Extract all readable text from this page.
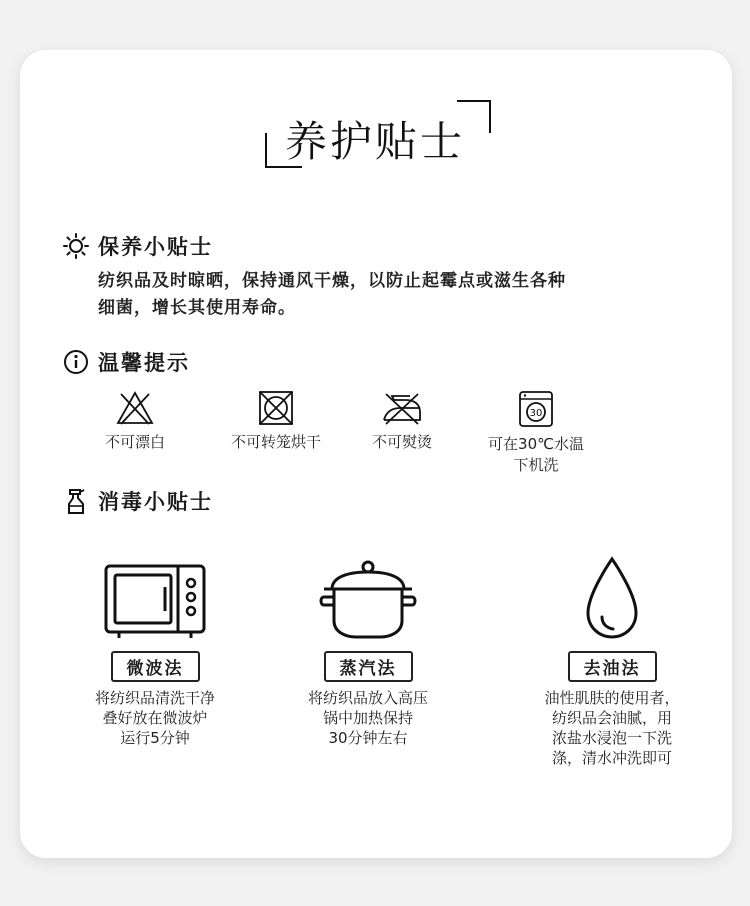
养护贴士
保养小贴士
纺织品及时晾晒，保持通风干燥，以防止起霉点或滋生各种
细菌，增长其使用寿命。
温馨提示
不可漂白	不可转笼烘干	不可熨烫
30
可在30℃水温
下机洗
消毒小贴士
微波法
将纺织品清洗干净
叠好放在微波炉
运行5分钟
蒸汽法
将纺织品放入高压
锅中加热保持
30分钟左右
去油法
油性肌肤的使用者，
纺织品会油腻，用
浓盐水浸泡一下洗
涤，清水冲洗即可
